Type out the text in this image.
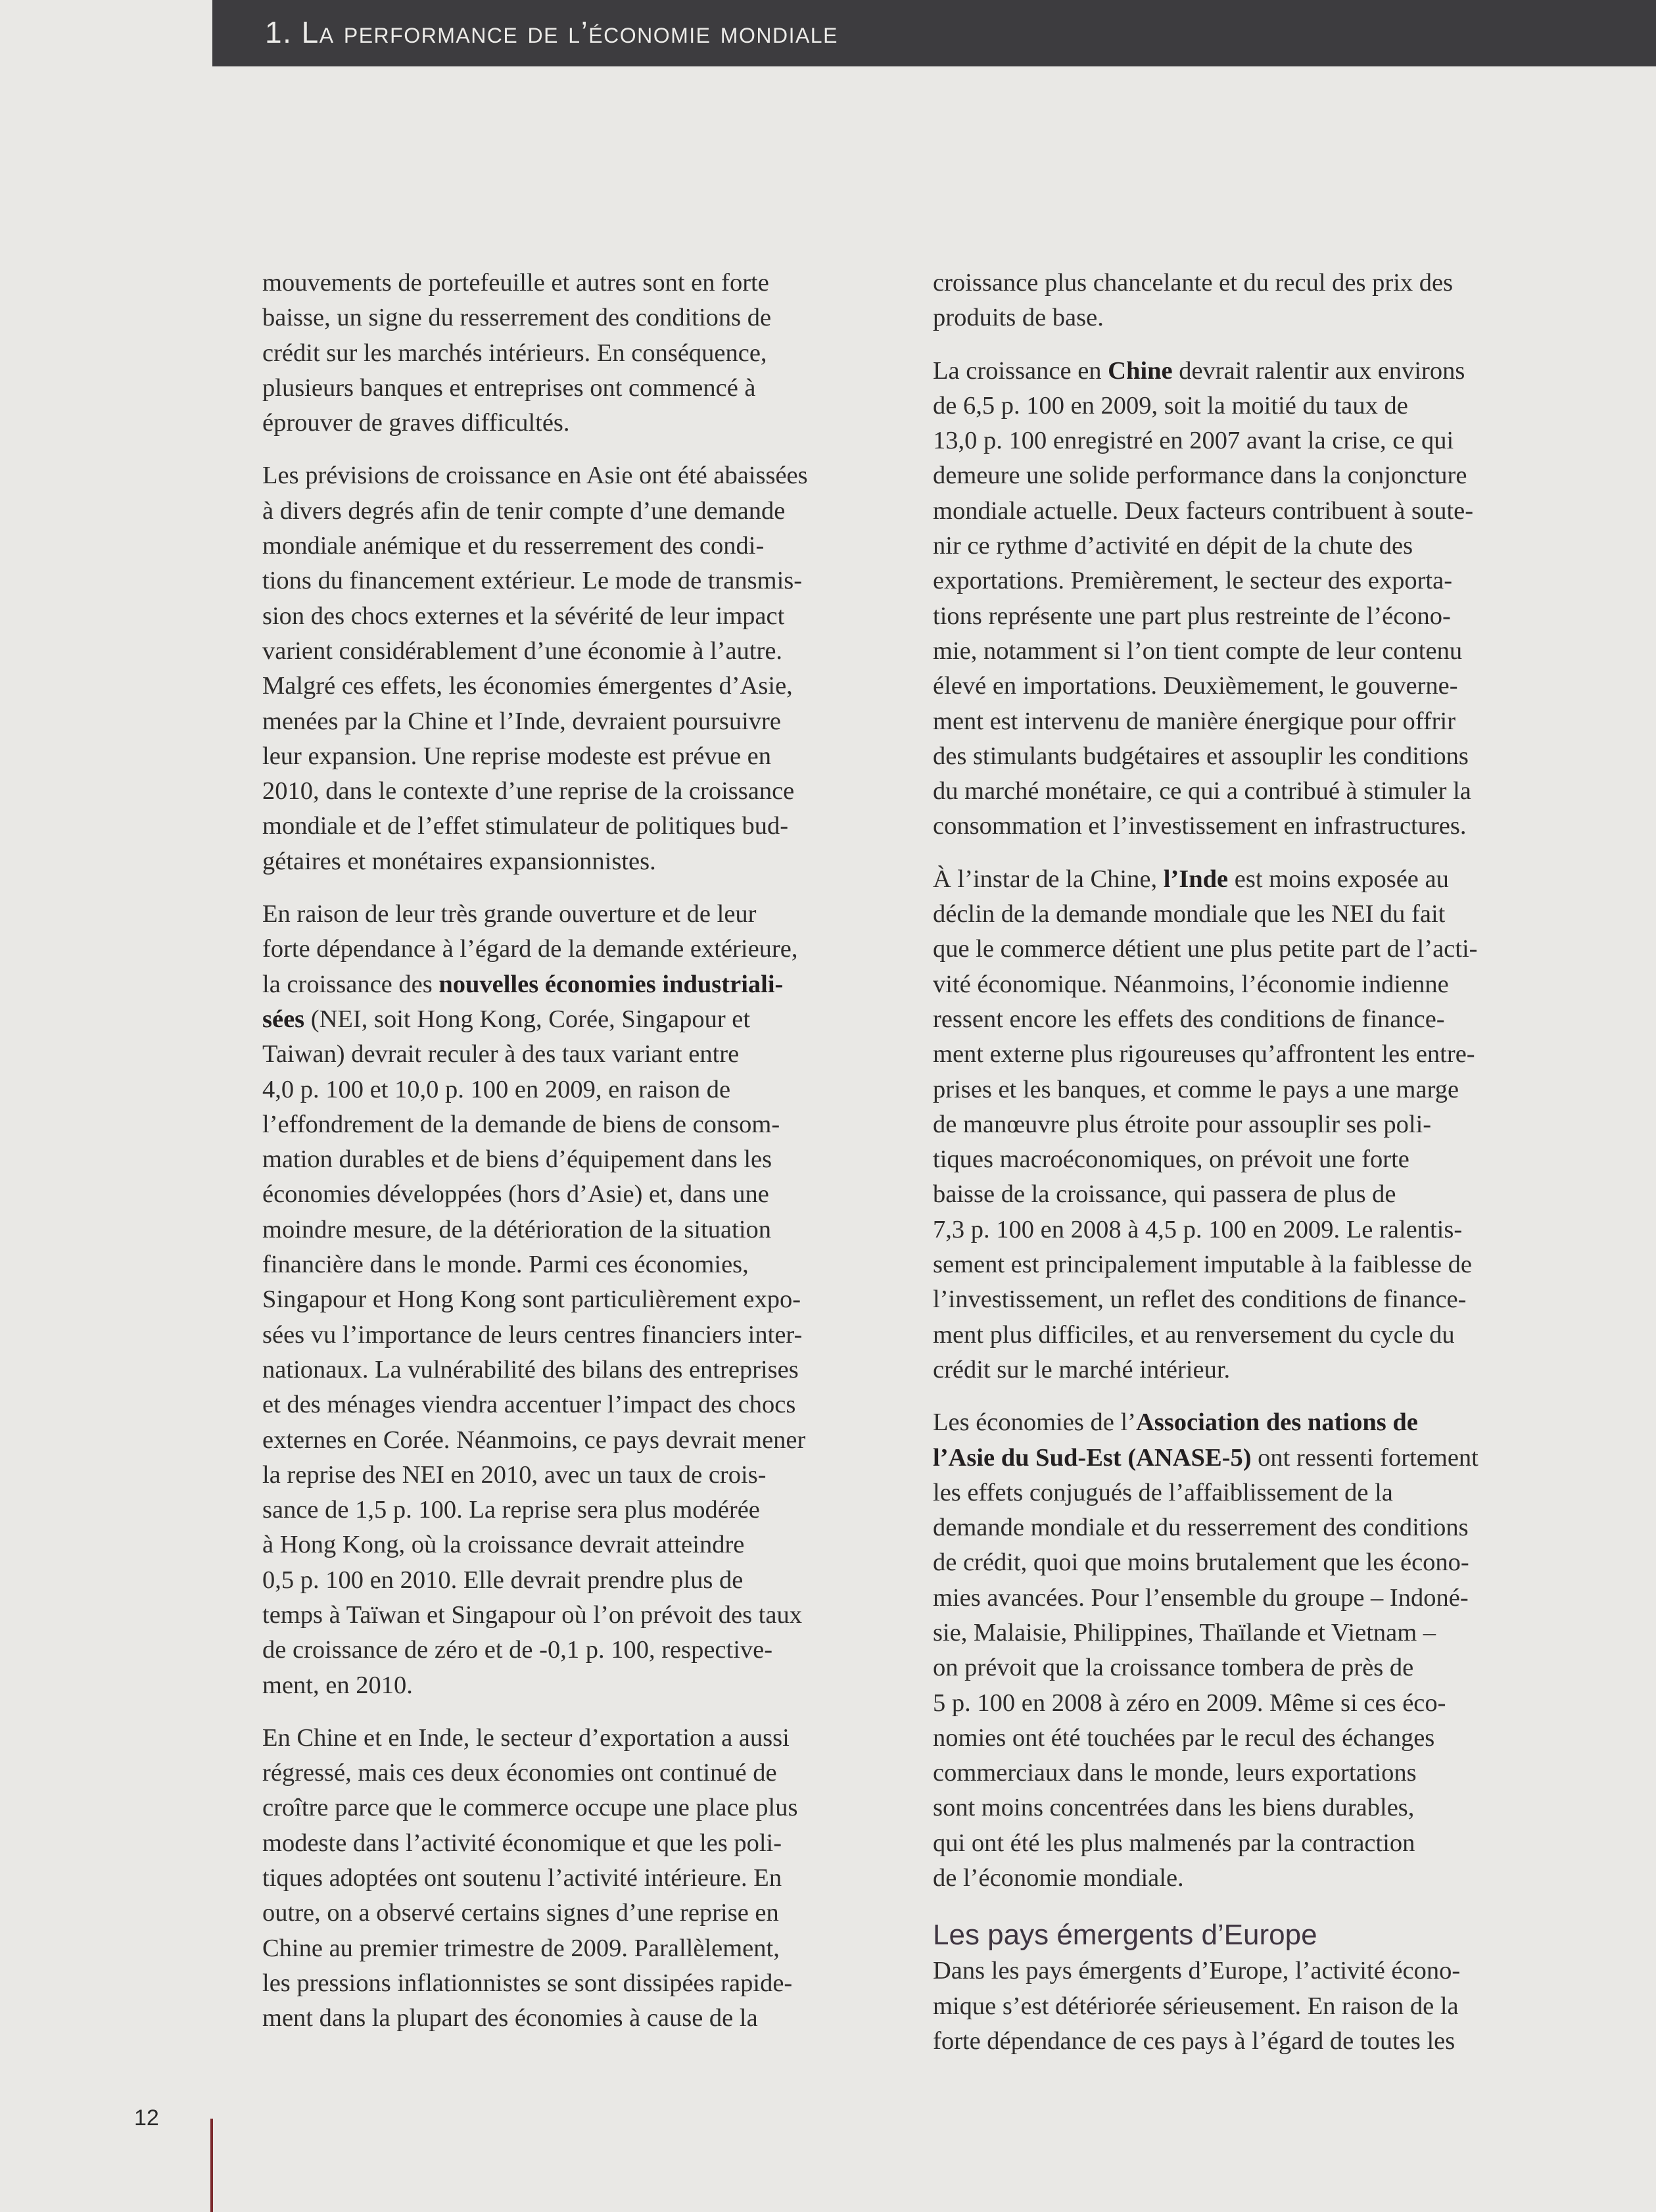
1. La performance de l’économie mondiale

mouvements de portefeuille et autres sont en forte
baisse, un signe du resserrement des conditions de
crédit sur les marchés intérieurs. En conséquence,
plusieurs banques et entreprises ont commencé à
éprouver de graves difficultés.

Les prévisions de croissance en Asie ont été abaissées
à divers degrés afin de tenir compte d’une demande
mondiale anémique et du resserrement des condi-
tions du financement extérieur. Le mode de transmis-
sion des chocs externes et la sévérité de leur impact
varient considérablement d’une économie à l’autre.
Malgré ces effets, les économies émergentes d’Asie,
menées par la Chine et l’Inde, devraient poursuivre
leur expansion. Une reprise modeste est prévue en
2010, dans le contexte d’une reprise de la croissance
mondiale et de l’effet stimulateur de politiques bud-
gétaires et monétaires expansionnistes.

En raison de leur très grande ouverture et de leur
forte dépendance à l’égard de la demande extérieure,
la croissance des nouvelles économies industriali-
sées (NEI, soit Hong Kong, Corée, Singapour et
Taiwan) devrait reculer à des taux variant entre
4,0 p. 100 et 10,0 p. 100 en 2009, en raison de
l’effondrement de la demande de biens de consom-
mation durables et de biens d’équipement dans les
économies développées (hors d’Asie) et, dans une
moindre mesure, de la détérioration de la situation
financière dans le monde. Parmi ces économies,
Singapour et Hong Kong sont particulièrement expo-
sées vu l’importance de leurs centres financiers inter-
nationaux. La vulnérabilité des bilans des entreprises
et des ménages viendra accentuer l’impact des chocs
externes en Corée. Néanmoins, ce pays devrait mener
la reprise des NEI en 2010, avec un taux de crois-
sance de 1,5 p. 100. La reprise sera plus modérée
à Hong Kong, où la croissance devrait atteindre
0,5 p. 100 en 2010. Elle devrait prendre plus de
temps à Taïwan et Singapour où l’on prévoit des taux
de croissance de zéro et de -0,1 p. 100, respective-
ment, en 2010.

En Chine et en Inde, le secteur d’exportation a aussi
régressé, mais ces deux économies ont continué de
croître parce que le commerce occupe une place plus
modeste dans l’activité économique et que les poli-
tiques adoptées ont soutenu l’activité intérieure. En
outre, on a observé certains signes d’une reprise en
Chine au premier trimestre de 2009. Parallèlement,
les pressions inflationnistes se sont dissipées rapide-
ment dans la plupart des économies à cause de la

croissance plus chancelante et du recul des prix des
produits de base.

La croissance en Chine devrait ralentir aux environs
de 6,5 p. 100 en 2009, soit la moitié du taux de
13,0 p. 100 enregistré en 2007 avant la crise, ce qui
demeure une solide performance dans la conjoncture
mondiale actuelle. Deux facteurs contribuent à soute-
nir ce rythme d’activité en dépit de la chute des
exportations. Premièrement, le secteur des exporta-
tions représente une part plus restreinte de l’écono-
mie, notamment si l’on tient compte de leur contenu
élevé en importations. Deuxièmement, le gouverne-
ment est intervenu de manière énergique pour offrir
des stimulants budgétaires et assouplir les conditions
du marché monétaire, ce qui a contribué à stimuler la
consommation et l’investissement en infrastructures.

À l’instar de la Chine, l’Inde est moins exposée au
déclin de la demande mondiale que les NEI du fait
que le commerce détient une plus petite part de l’acti-
vité économique. Néanmoins, l’économie indienne
ressent encore les effets des conditions de finance-
ment externe plus rigoureuses qu’affrontent les entre-
prises et les banques, et comme le pays a une marge
de manœuvre plus étroite pour assouplir ses poli-
tiques macroéconomiques, on prévoit une forte
baisse de la croissance, qui passera de plus de
7,3 p. 100 en 2008 à 4,5 p. 100 en 2009. Le ralentis-
sement est principalement imputable à la faiblesse de
l’investissement, un reflet des conditions de finance-
ment plus difficiles, et au renversement du cycle du
crédit sur le marché intérieur.

Les économies de l’Association des nations de
l’Asie du Sud-Est (ANASE-5) ont ressenti fortement
les effets conjugués de l’affaiblissement de la
demande mondiale et du resserrement des conditions
de crédit, quoi que moins brutalement que les écono-
mies avancées. Pour l’ensemble du groupe – Indoné-
sie, Malaisie, Philippines, Thaïlande et Vietnam –
on prévoit que la croissance tombera de près de
5 p. 100 en 2008 à zéro en 2009. Même si ces éco-
nomies ont été touchées par le recul des échanges
commerciaux dans le monde, leurs exportations
sont moins concentrées dans les biens durables,
qui ont été les plus malmenés par la contraction
de l’économie mondiale.

Les pays émergents d’Europe

Dans les pays émergents d’Europe, l’activité écono-
mique s’est détériorée sérieusement. En raison de la
forte dépendance de ces pays à l’égard de toutes les

12
